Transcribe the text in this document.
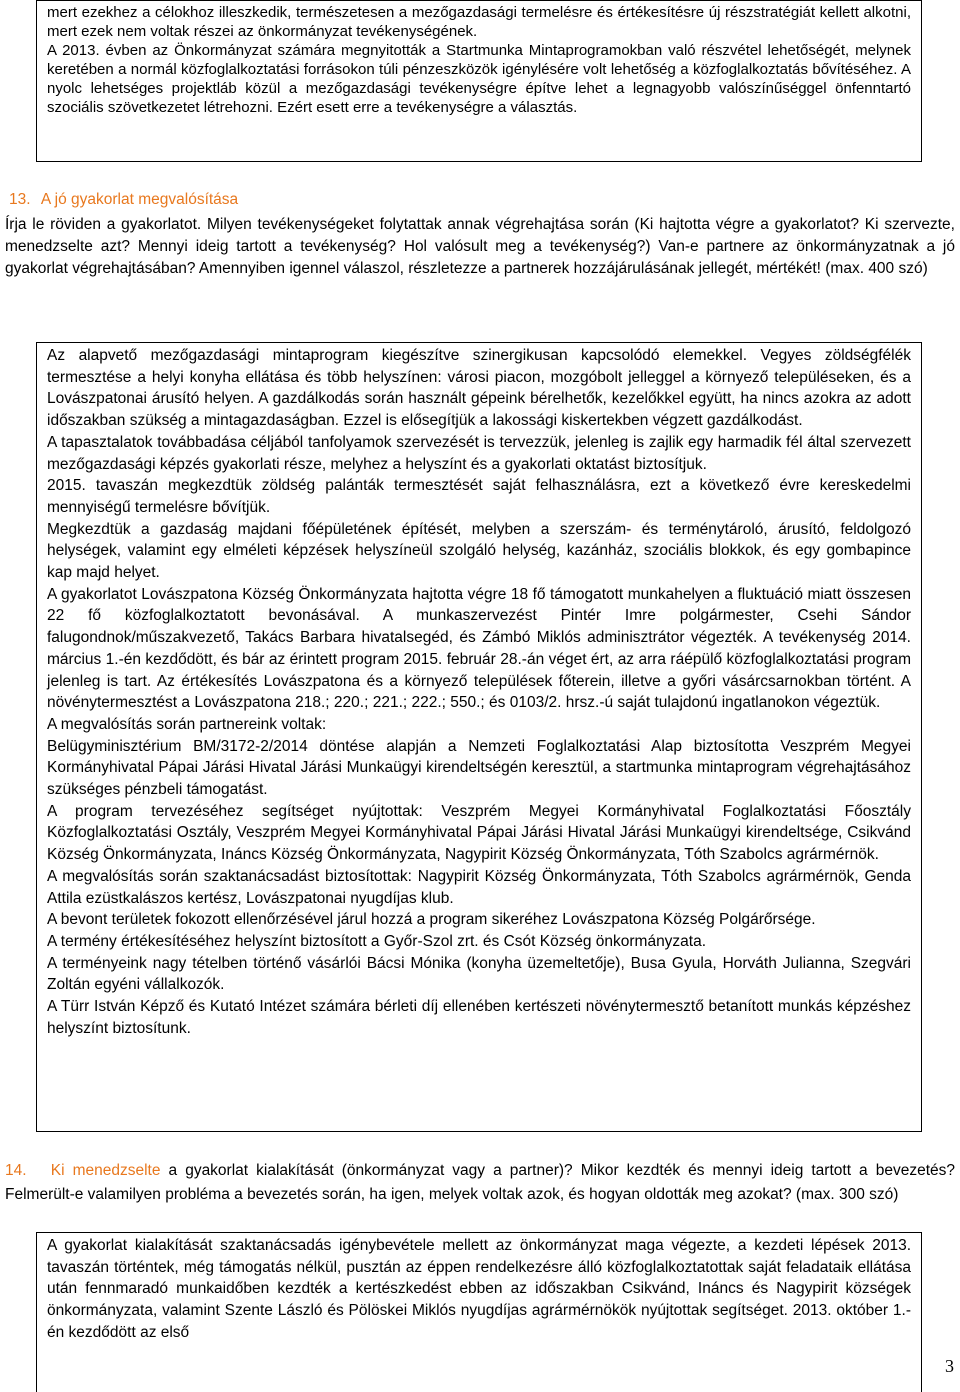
mert ezekhez a célokhoz illeszkedik, természetesen a mezőgazdasági termelésre és értékesítésre új részstratégiát kellett alkotni, mert ezek nem voltak részei az önkormányzat tevékenységének.

A 2013. évben az Önkormányzat számára megnyitották a Startmunka Mintaprogramokban való részvétel lehetőségét, melynek keretében a normál közfoglalkoztatási forrásokon túli pénzeszközök igénylésére volt lehetőség a közfoglalkoztatás bővítéséhez. A nyolc lehetséges projektláb közül a mezőgazdasági tevékenységre építve lehet a legnagyobb valószínűséggel önfenntartó szociális szövetkezetet létrehozni. Ezért esett erre a tevékenységre a választás.

13. A jó gyakorlat megvalósítása

Írja le röviden a gyakorlatot. Milyen tevékenységeket folytattak annak végrehajtása során (Ki hajtotta végre a gyakorlatot? Ki szervezte, menedzselte azt? Mennyi ideig tartott a tevékenység? Hol valósult meg a tevékenység?) Van-e partnere az önkormányzatnak a jó gyakorlat végrehajtásában? Amennyiben igennel válaszol, részletezze a partnerek hozzájárulásának jellegét, mértékét! (max. 400 szó)

Az alapvető mezőgazdasági mintaprogram kiegészítve szinergikusan kapcsolódó elemekkel. Vegyes zöldségfélék termesztése a helyi konyha ellátása és több helyszínen: városi piacon, mozgóbolt jelleggel a környező településeken, és a Lovászpatonai árusító helyen. A gazdálkodás során használt gépeink bérelhetők, kezelőkkel együtt, ha nincs azokra az adott időszakban szükség a mintagazdaságban. Ezzel is elősegítjük a lakossági kiskertekben végzett gazdálkodást.

A tapasztalatok továbbadása céljából tanfolyamok szervezését is tervezzük, jelenleg is zajlik egy harmadik fél által szervezett mezőgazdasági képzés gyakorlati része, melyhez a helyszínt és a gyakorlati oktatást biztosítjuk.

2015. tavaszán megkezdtük zöldség palánták termesztését saját felhasználásra, ezt a következő évre kereskedelmi mennyiségű termelésre bővítjük.

Megkezdtük a gazdaság majdani főépületének építését, melyben a szerszám- és terménytároló, árusító, feldolgozó helységek, valamint egy elméleti képzések helyszíneül szolgáló helység, kazánház, szociális blokkok, és egy gombapince kap majd helyet.

A gyakorlatot Lovászpatona Község Önkormányzata hajtotta végre 18 fő támogatott munkahelyen a fluktuáció miatt összesen 22 fő közfoglalkoztatott bevonásával. A munkaszervezést Pintér Imre polgármester, Csehi Sándor falugondnok/műszakvezető, Takács Barbara hivatalsegéd, és Zámbó Miklós adminisztrátor végezték. A tevékenység 2014. március 1.-én kezdődött, és bár az érintett program 2015. február 28.-án véget ért, az arra ráépülő közfoglalkoztatási program jelenleg is tart. Az értékesítés Lovászpatona és a környező települések főterein, illetve a győri vásárcsarnokban történt. A növénytermesztést a Lovászpatona 218.; 220.; 221.; 222.; 550.; és 0103/2. hrsz.-ú saját tulajdonú ingatlanokon végeztük.

A megvalósítás során partnereink voltak:

Belügyminisztérium BM/3172-2/2014 döntése alapján a Nemzeti Foglalkoztatási Alap biztosította Veszprém Megyei Kormányhivatal Pápai Járási Hivatal Járási Munkaügyi kirendeltségén keresztül, a startmunka mintaprogram végrehajtásához szükséges pénzbeli támogatást.

A program tervezéséhez segítséget nyújtottak: Veszprém Megyei Kormányhivatal Foglalkoztatási Főosztály Közfoglalkoztatási Osztály, Veszprém Megyei Kormányhivatal Pápai Járási Hivatal Járási Munkaügyi kirendeltsége, Csikvánd Község Önkormányzata, Ináncs Község Önkormányzata, Nagypirit Község Önkormányzata, Tóth Szabolcs agrármérnök.

A megvalósítás során szaktanácsadást biztosítottak: Nagypirit Község Önkormányzata, Tóth Szabolcs agrármérnök, Genda Attila ezüstkalászos kertész, Lovászpatonai nyugdíjas klub.

A bevont területek fokozott ellenőrzésével járul hozzá a program sikeréhez Lovászpatona Község Polgárőrsége.

A termény értékesítéséhez helyszínt biztosított a Győr-Szol zrt. és Csót Község önkormányzata.

A terményeink nagy tételben történő vásárlói Bácsi Mónika (konyha üzemeltetője), Busa Gyula, Horváth Julianna, Szegvári Zoltán egyéni vállalkozók.

A Türr István Képző és Kutató Intézet számára bérleti díj ellenében kertészeti növénytermesztő betanított munkás képzéshez helyszínt biztosítunk.

14. Ki menedzselte a gyakorlat kialakítását (önkormányzat vagy a partner)? Mikor kezdték és mennyi ideig tartott a bevezetés? Felmerült-e valamilyen probléma a bevezetés során, ha igen, melyek voltak azok, és hogyan oldották meg azokat? (max. 300 szó)

A gyakorlat kialakítását szaktanácsadás igénybevétele mellett az önkormányzat maga végezte, a kezdeti lépések 2013. tavaszán történtek, még támogatás nélkül, pusztán az éppen rendelkezésre álló közfoglalkoztatottak saját feladataik ellátása után fennmaradó munkaidőben kezdték a kertészkedést ebben az időszakban Csikvánd, Ináncs és Nagypirit községek önkormányzata, valamint Szente László és Pölöskei Miklós nyugdíjas agrármérnökök nyújtottak segítséget. 2013. október 1.-én kezdődött az első

3
